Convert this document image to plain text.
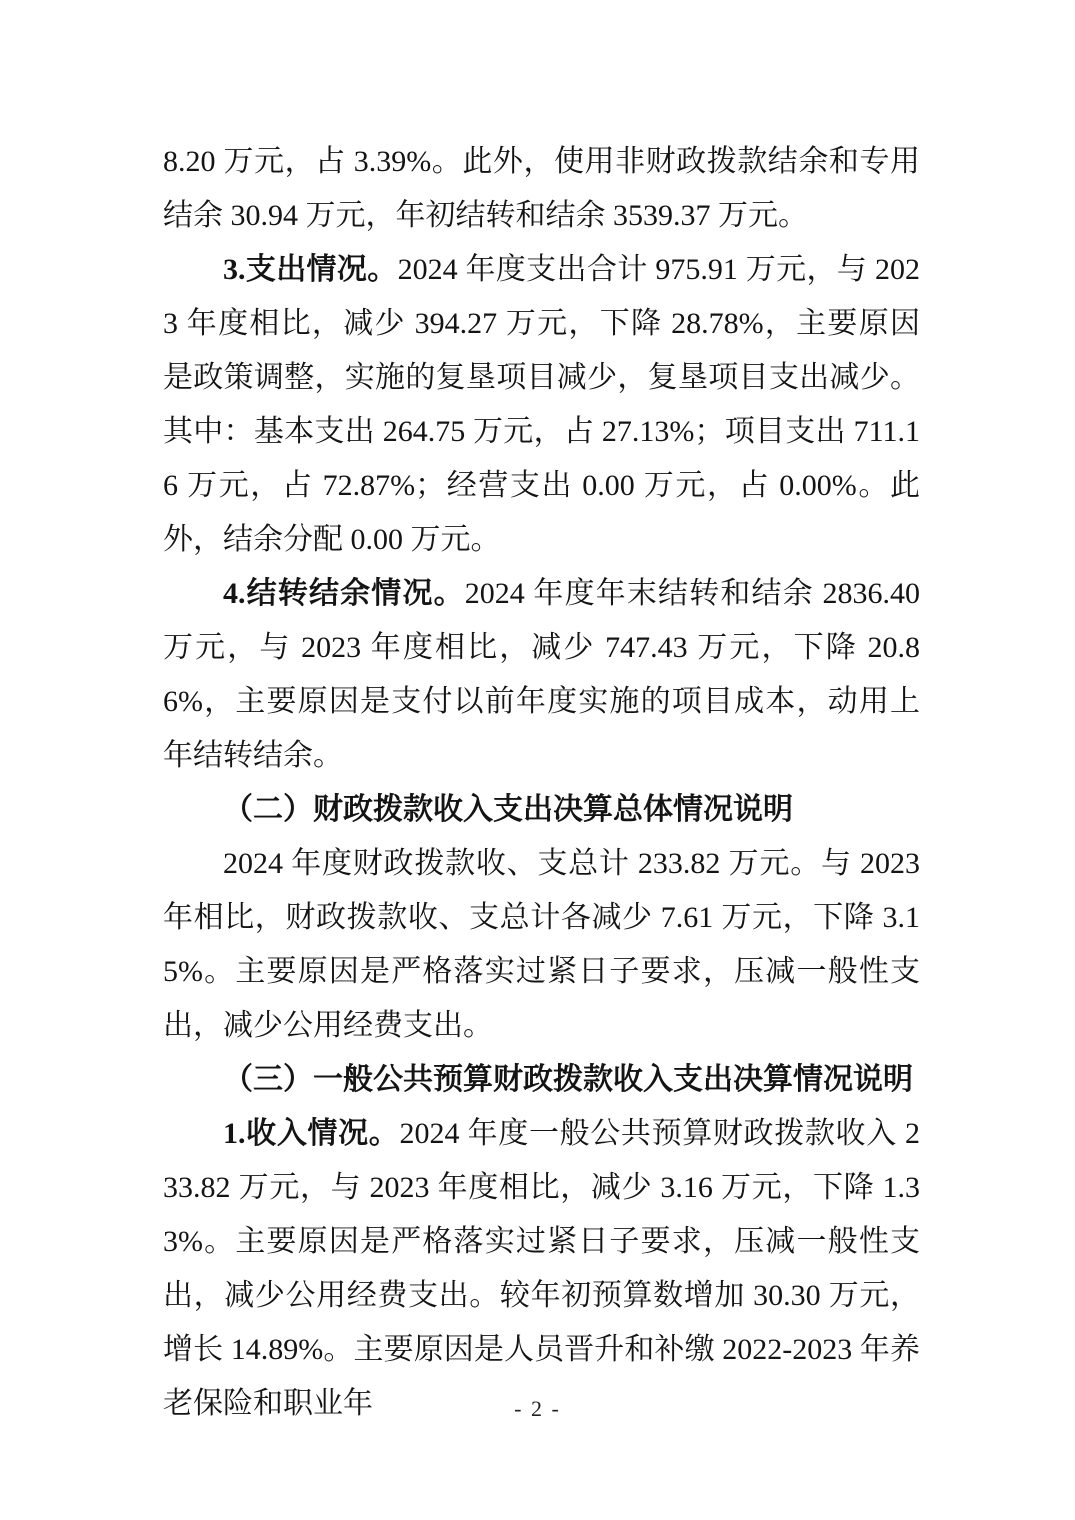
8.20 万元，占 3.39%。此外，使用非财政拨款结余和专用结余 30.94 万元，年初结转和结余 3539.37 万元。

3.支出情况。2024 年度支出合计 975.91 万元，与 2023 年度相比，减少 394.27 万元，下降 28.78%，主要原因是政策调整，实施的复垦项目减少，复垦项目支出减少。其中：基本支出 264.75 万元，占 27.13%；项目支出 711.16 万元，占 72.87%；经营支出 0.00 万元，占 0.00%。此外，结余分配 0.00 万元。

4.结转结余情况。2024 年度年末结转和结余 2836.40 万元，与 2023 年度相比，减少 747.43 万元，下降 20.86%，主要原因是支付以前年度实施的项目成本，动用上年结转结余。

（二）财政拨款收入支出决算总体情况说明

2024 年度财政拨款收、支总计 233.82 万元。与 2023 年相比，财政拨款收、支总计各减少 7.61 万元，下降 3.15%。主要原因是严格落实过紧日子要求，压减一般性支出，减少公用经费支出。

（三）一般公共预算财政拨款收入支出决算情况说明

1.收入情况。2024 年度一般公共预算财政拨款收入 233.82 万元，与 2023 年度相比，减少 3.16 万元，下降 1.33%。主要原因是严格落实过紧日子要求，压减一般性支出，减少公用经费支出。较年初预算数增加 30.30 万元，增长 14.89%。主要原因是人员晋升和补缴 2022-2023 年养老保险和职业年	- 2 -
